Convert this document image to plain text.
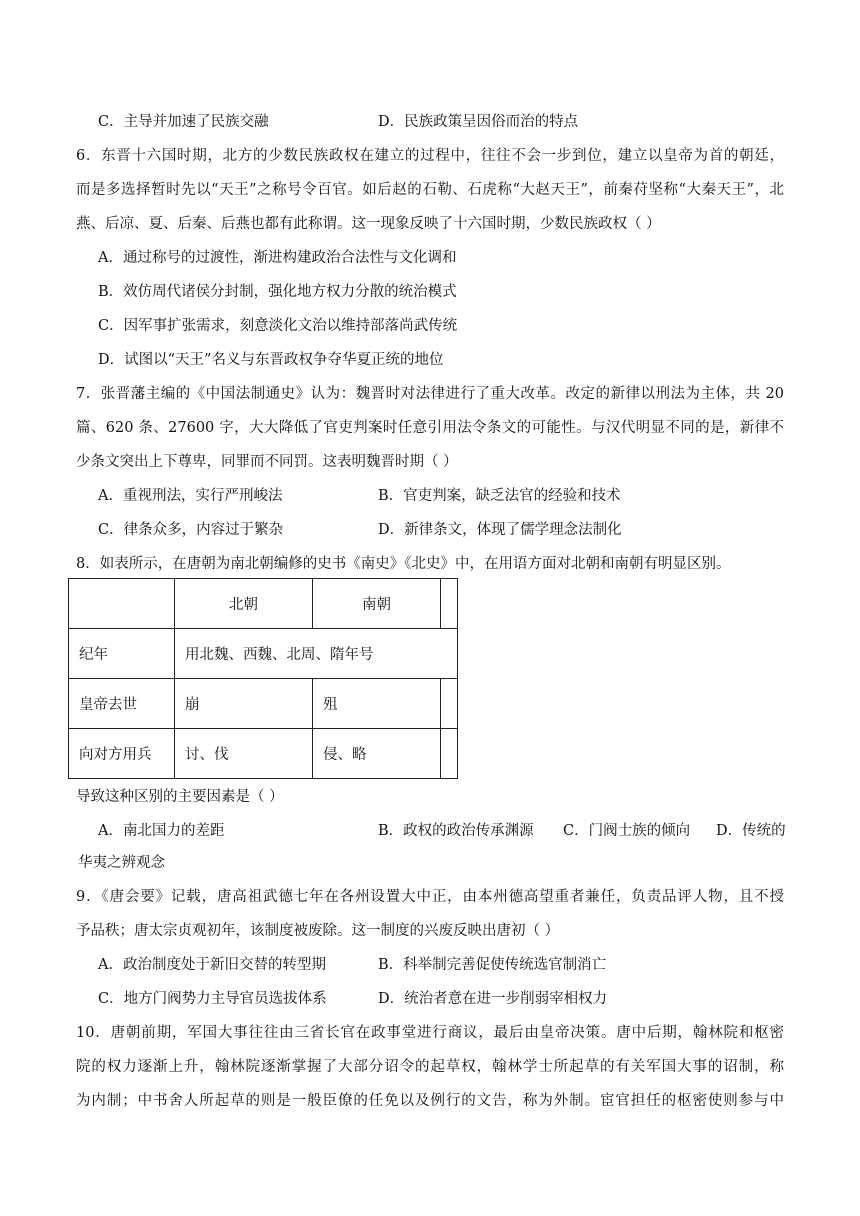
C．主导并加速了民族交融	D．民族政策呈因俗而治的特点
6．东晋十六国时期，北方的少数民族政权在建立的过程中，往往不会一步到位，建立以皇帝为首的朝廷，
而是多选择暂时先以“天王”之称号令百官。如后赵的石勒、石虎称“大赵天王”，前秦苻坚称“大秦天王”，北
燕、后凉、夏、后秦、后燕也都有此称谓。这一现象反映了十六国时期，少数民族政权（ ）
A．通过称号的过渡性，渐进构建政治合法性与文化调和
B．效仿周代诸侯分封制，强化地方权力分散的统治模式
C．因军事扩张需求，刻意淡化文治以维持部落尚武传统
D．试图以“天王”名义与东晋政权争夺华夏正统的地位
7．张晋藩主编的《中国法制通史》认为：魏晋时对法律进行了重大改革。改定的新律以刑法为主体，共 20
篇、620 条、27600 字，大大降低了官吏判案时任意引用法令条文的可能性。与汉代明显不同的是，新律不
少条文突出上下尊卑，同罪而不同罚。这表明魏晋时期（ ）
A．重视刑法，实行严刑峻法	B．官吏判案，缺乏法官的经验和技术
C．律条众多，内容过于繁杂	D．新律条文，体现了儒学理念法制化
8．如表所示，在唐朝为南北朝编修的史书《南史》《北史》中，在用语方面对北朝和南朝有明显区别。
	北朝	南朝	
纪年	用北魏、西魏、北周、隋年号		
皇帝去世	崩	殂	
向对方用兵	讨、伐	侵、略	
导致这种区别的主要因素是（ ）
A．南北国力的差距	B．政权的政治传承渊源 C．门阀士族的倾向 D．传统的
华夷之辨观念
9．《唐会要》记载，唐高祖武德七年在各州设置大中正，由本州德高望重者兼任，负责品评人物，且不授
予品秩；唐太宗贞观初年，该制度被废除。这一制度的兴废反映出唐初（ ）
A．政治制度处于新旧交替的转型期	B．科举制完善促使传统选官制消亡
C．地方门阀势力主导官员选拔体系	D．统治者意在进一步削弱宰相权力
10．唐朝前期，军国大事往往由三省长官在政事堂进行商议，最后由皇帝决策。唐中后期，翰林院和枢密
院的权力逐渐上升，翰林院逐渐掌握了大部分诏令的起草权，翰林学士所起草的有关军国大事的诏制，称
为内制；中书舍人所起草的则是一般臣僚的任免以及例行的文告，称为外制。宦官担任的枢密使则参与中
